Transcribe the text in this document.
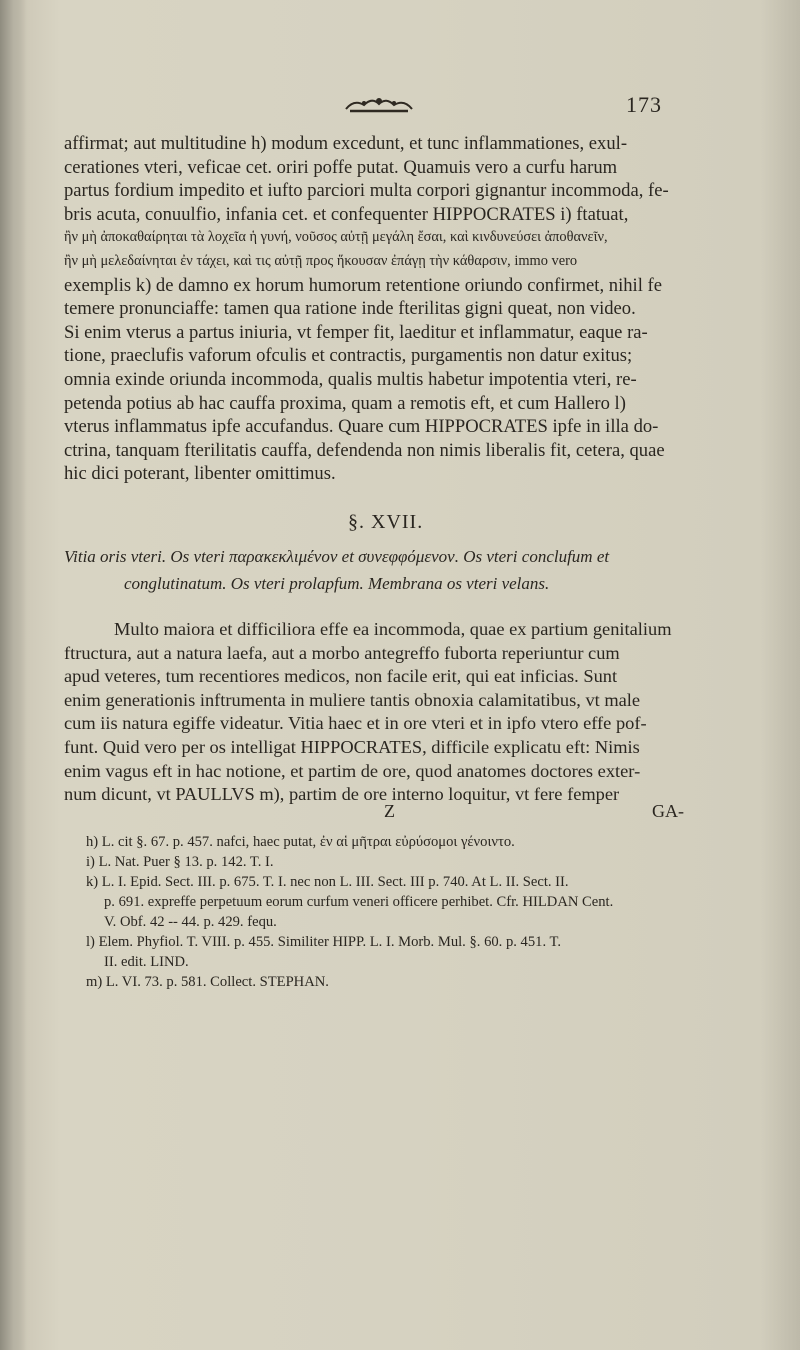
173
affirmat; aut multitudine h) modum excedunt, et tunc inflammationes, exul-
cerationes vteri, veficae cet. oriri poffe putat. Quamuis vero a curfu harum
partus fordium impedito et iufto parciori multa corpori gignantur incommoda, fe-
bris acuta, conuulfio, infania cet. et confequenter HIPPOCRATES i) ftatuat,
ἢν μὴ ἀποκαθαίρηται τὰ λοχεῖα ἡ γυνή, νοῦσος αὐτῇ μεγάλη ἔσαι, καὶ κινδυνεύσει ἀποθανεῖν,
ἢν μὴ μελεδαίνηται ἐν τάχει, καὶ τις αὐτῇ προς ἥκουσαν ἐπάγῃ τὴν κάθαρσιν, immo vero
exemplis k) de damno ex horum humorum retentione oriundo confirmet, nihil fe
temere pronunciaffe: tamen qua ratione inde fterilitas gigni queat, non video.
Si enim vterus a partus iniuria, vt femper fit, laeditur et inflammatur, eaque ra-
tione, praeclufis vaforum ofculis et contractis, purgamentis non datur exitus;
omnia exinde oriunda incommoda, qualis multis habetur impotentia vteri, re-
petenda potius ab hac cauffa proxima, quam a remotis eft, et cum Hallero l)
vterus inflammatus ipfe accufandus. Quare cum HIPPOCRATES ipfe in illa do-
ctrina, tanquam fterilitatis cauffa, defendenda non nimis liberalis fit, cetera, quae
hic dici poterant, libenter omittimus.
§. XVII.
Vitia oris vteri. Os vteri παρακεκλιμένον et συνεφφόμενον. Os vteri conclufum et
conglutinatum. Os vteri prolapfum. Membrana os vteri velans.
Multo maiora et difficiliora effe ea incommoda, quae ex partium genitalium
ftructura, aut a natura laefa, aut a morbo antegreffo fuborta reperiuntur cum
apud veteres, tum recentiores medicos, non facile erit, qui eat inficias. Sunt
enim generationis inftrumenta in muliere tantis obnoxia calamitatibus, vt male
cum iis natura egiffe videatur. Vitia haec et in ore vteri et in ipfo vtero effe pof-
funt. Quid vero per os intelligat HIPPOCRATES, difficile explicatu eft: Nimis
enim vagus eft in hac notione, et partim de ore, quod anatomes doctores exter-
num dicunt, vt PAULLVS m), partim de ore interno loquitur, vt fere femper
Z	GA-
h) L. cit §. 67. p. 457. nafci, haec putat, ἐν αἱ μῆτραι εὐρύσομοι γένοιντο.
i) L. Nat. Puer § 13. p. 142. T. I.
k) L. I. Epid. Sect. III. p. 675. T. I. nec non L. III. Sect. III p. 740. At L. II. Sect. II.
p. 691. expreffe perpetuum eorum curfum veneri officere perhibet. Cfr. HILDAN Cent.
V. Obf. 42 -- 44. p. 429. fequ.
l) Elem. Phyfiol. T. VIII. p. 455. Similiter HIPP. L. I. Morb. Mul. §. 60. p. 451. T.
II. edit. LIND.
m) L. VI. 73. p. 581. Collect. STEPHAN.
